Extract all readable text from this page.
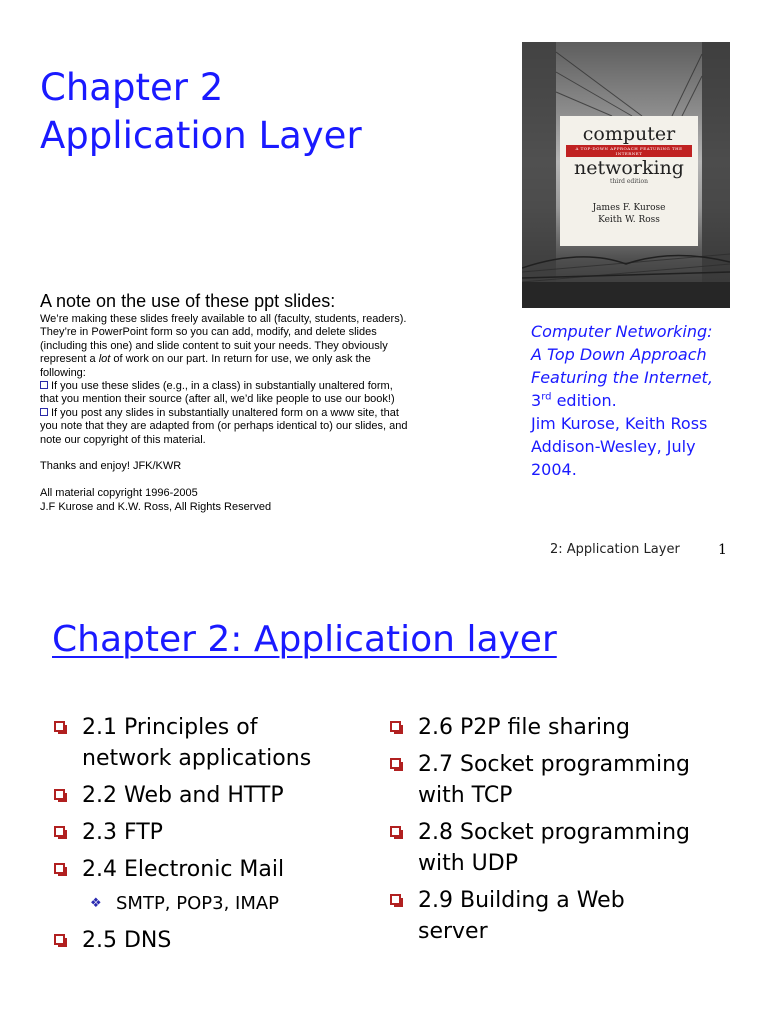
Chapter 2
Application Layer	computer
A TOP-DOWN APPROACH FEATURING THE INTERNET
networking
third edition
James F. Kurose
Keith W. Ross
A note on the use of these ppt slides:

We’re making these slides freely available to all (faculty, students, readers).

They’re in PowerPoint form so you can add, modify, and delete slides

(including this one) and slide content to suit your needs. They obviously

represent a lot of work on our part. In return for use, we only ask the

following:

If you use these slides (e.g., in a class) in substantially unaltered form,

that you mention their source (after all, we’d like people to use our book!)

If you post any slides in substantially unaltered form on a www site, that

you note that they are adapted from (or perhaps identical to) our slides, and

note our copyright of this material.

Thanks and enjoy! JFK/KWR

All material copyright 1996-2005

J.F Kurose and K.W. Ross, All Rights Reserved

Computer Networking:
A Top Down Approach
Featuring the Internet,
3rd edition.
Jim Kurose, Keith Ross
Addison-Wesley, July
2004.
2: Application Layer	1
Chapter 2: Application layer
2.1 Principles of
network applications
2.2 Web and HTTP
2.3 FTP
2.4 Electronic Mail
❖ SMTP, POP3, IMAP
2.5 DNS
2.6 P2P file sharing
2.7 Socket programming
with TCP
2.8 Socket programming
with UDP
2.9 Building a Web
server
